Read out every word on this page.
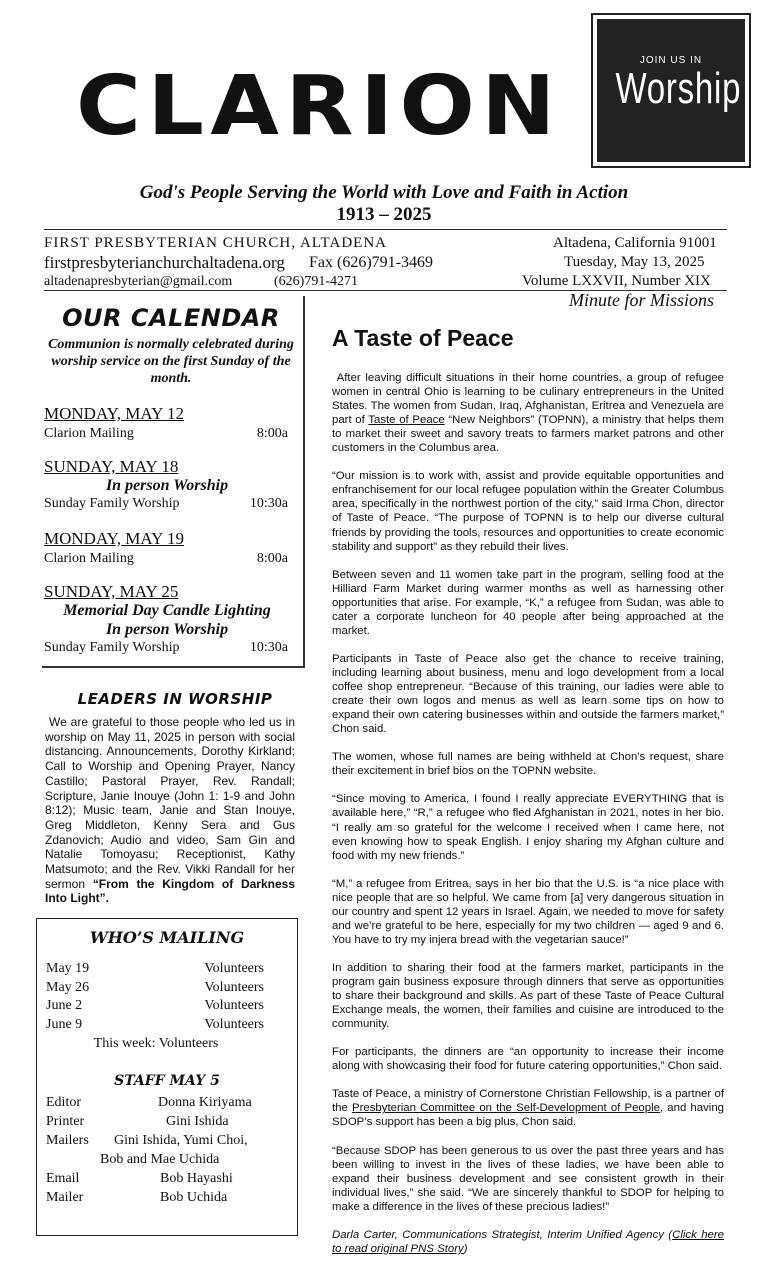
CLARION	JOIN US IN
Worship
God's People Serving the World with Love and Faith in Action
1913 – 2025
FIRST PRESBYTERIAN CHURCH, ALTADENA
firstpresbyterianchurchaltadena.org Fax (626)791-3469
altadenapresbyterian@gmail.com	(626)791-4271
Altadena, California 91001
Tuesday, May 13, 2025
Volume LXXVII, Number XIX
Minute for Missions
OUR CALENDAR
Communion is normally celebrated during worship service on the first Sunday of the month.
MONDAY, MAY 12
Clarion Mailing	8:00a
SUNDAY, MAY 18
In person Worship
Sunday Family Worship	10:30a
MONDAY, MAY 19
Clarion Mailing	8:00a
SUNDAY, MAY 25
Memorial Day Candle Lighting
In person Worship
Sunday Family Worship	10:30a
LEADERS IN WORSHIP
We are grateful to those people who led us in worship on May 11, 2025 in person with social distancing. Announcements, Dorothy Kirkland; Call to Worship and Opening Prayer, Nancy Castillo; Pastoral Prayer, Rev. Randall; Scripture, Janie Inouye (John 1: 1-9 and John 8:12); Music team, Janie and Stan Inouye, Greg Middleton, Kenny Sera and Gus Zdanovich; Audio and video, Sam Gin and Natalie Tomoyasu; Receptionist, Kathy Matsumoto; and the Rev. Vikki Randall for her sermon “From the Kingdom of Darkness Into Light”.
WHO’S MAILING
May 19	Volunteers
May 26	Volunteers
June 2	Volunteers
June 9	Volunteers
This week: Volunteers
STAFF MAY 5
Editor	Donna Kiriyama
Printer	Gini Ishida
Mailers Gini Ishida, Yumi Choi,
Bob and Mae Uchida
Email	Bob Hayashi
Mailer	Bob Uchida
A Taste of Peace

After leaving difficult situations in their home countries, a group of refugee women in central Ohio is learning to be culinary entrepreneurs in the United States. The women from Sudan, Iraq, Afghanistan, Eritrea and Venezuela are part of Taste of Peace “New Neighbors” (TOPNN), a ministry that helps them to market their sweet and savory treats to farmers market patrons and other customers in the Columbus area.

“Our mission is to work with, assist and provide equitable opportunities and enfranchisement for our local refugee population within the Greater Columbus area, specifically in the northwest portion of the city,” said Irma Chon, director of Taste of Peace. “The purpose of TOPNN is to help our diverse cultural friends by providing the tools, resources and opportunities to create economic stability and support” as they rebuild their lives.

Between seven and 11 women take part in the program, selling food at the Hilliard Farm Market during warmer months as well as harnessing other opportunities that arise. For example, “K,” a refugee from Sudan, was able to cater a corporate luncheon for 40 people after being approached at the market.

Participants in Taste of Peace also get the chance to receive training, including learning about business, menu and logo development from a local coffee shop entrepreneur. “Because of this training, our ladies were able to create their own logos and menus as well as learn some tips on how to expand their own catering businesses within and outside the farmers market,” Chon said.

The women, whose full names are being withheld at Chon's request, share their excitement in brief bios on the TOPNN website.

“Since moving to America, I found I really appreciate EVERYTHING that is available here,” “R,” a refugee who fled Afghanistan in 2021, notes in her bio. “I really am so grateful for the welcome I received when I came here, not even knowing how to speak English. I enjoy sharing my Afghan culture and food with my new friends.”

“M,” a refugee from Eritrea, says in her bio that the U.S. is “a nice place with nice people that are so helpful. We came from [a] very dangerous situation in our country and spent 12 years in Israel. Again, we needed to move for safety and we’re grateful to be here, especially for my two children — aged 9 and 6. You have to try my injera bread with the vegetarian sauce!”

In addition to sharing their food at the farmers market, participants in the program gain business exposure through dinners that serve as opportunities to share their background and skills. As part of these Taste of Peace Cultural Exchange meals, the women, their families and cuisine are introduced to the community.

For participants, the dinners are “an opportunity to increase their income along with showcasing their food for future catering opportunities,” Chon said.

Taste of Peace, a ministry of Cornerstone Christian Fellowship, is a partner of the Presbyterian Committee on the Self-Development of People, and having SDOP’s support has been a big plus, Chon said.

“Because SDOP has been generous to us over the past three years and has been willing to invest in the lives of these ladies, we have been able to expand their business development and see consistent growth in their individual lives,” she said. “We are sincerely thankful to SDOP for helping to make a difference in the lives of these precious ladies!”

Darla Carter, Communications Strategist, Interim Unified Agency (Click here to read original PNS Story)
